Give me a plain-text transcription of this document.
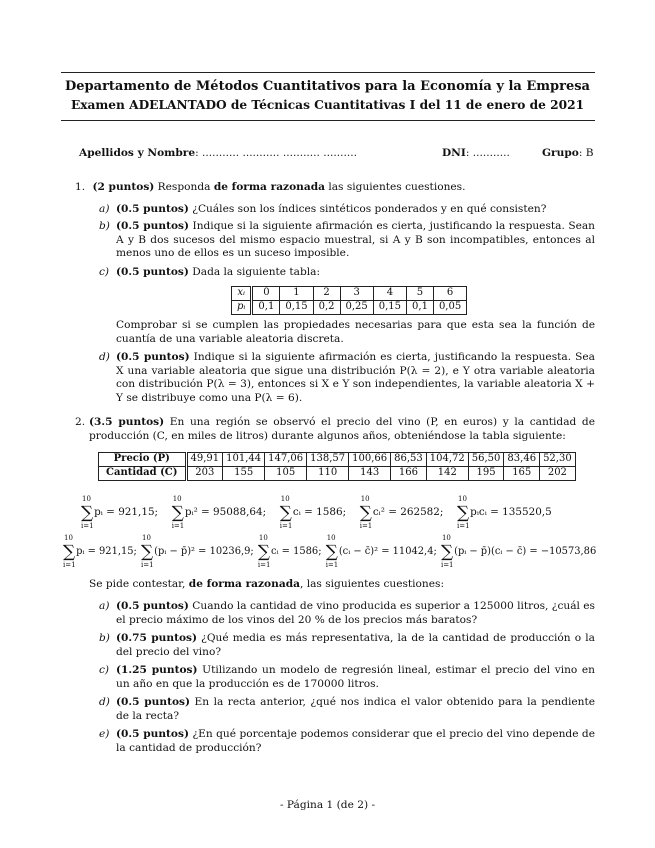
Departamento de Métodos Cuantitativos para la Economía y la Empresa
Examen ADELANTADO de Técnicas Cuantitativas I del 11 de enero de 2021
Apellidos y Nombre: ........... ........... ........... ..........	DNI: ...........	Grupo: B
1. (2 puntos) Responda de forma razonada las siguientes cuestiones.
a) (0.5 puntos) ¿Cuáles son los índices sintéticos ponderados y en qué consisten?
b) (0.5 puntos) Indique si la siguiente afirmación es cierta, justificando la respuesta. Sean A y B dos sucesos del mismo espacio muestral, si A y B son incompatibles, entonces al menos uno de ellos es un suceso imposible.
c) (0.5 puntos) Dada la siguiente tabla:
xᵢ	0	1	2	3	4	5	6
pᵢ	0,1	0,15	0,2	0,25	0,15	0,1	0,05
Comprobar si se cumplen las propiedades necesarias para que esta sea la función de cuantía de una variable aleatoria discreta.
d) (0.5 puntos) Indique si la siguiente afirmación es cierta, justificando la respuesta. Sea X una variable aleatoria que sigue una distribución P(λ = 2), e Y otra variable aleatoria con distribución P(λ = 3), entonces si X e Y son independientes, la variable aleatoria X + Y se distribuye como una P(λ = 6).
2. (3.5 puntos) En una región se observó el precio del vino (P, en euros) y la cantidad de producción (C, en miles de litros) durante algunos años, obteniéndose la tabla siguiente:
Precio (P)	49,91	101,44	147,06	138,57	100,66	86,53	104,72	56,50	83,46	52,30
Cantidad (C)	203	155	105	110	143	166	142	195	165	202
∑
10
i=1
pᵢ = 921,15; ∑
10
i=1
pᵢ² = 95088,64; ∑
10
i=1
cᵢ = 1586; ∑
10
i=1
cᵢ² = 262582; ∑
10
i=1
pᵢcᵢ = 135520,5
∑
10
i=1
pᵢ = 921,15; ∑
10
i=1
(pᵢ − p̄)² = 10236,9; ∑
10
i=1
cᵢ = 1586; ∑
10
i=1
(cᵢ − c̄)² = 11042,4; ∑
10
i=1
(pᵢ − p̄)(cᵢ − c̄) = −10573,86
Se pide contestar, de forma razonada, las siguientes cuestiones:
a) (0.5 puntos) Cuando la cantidad de vino producida es superior a 125000 litros, ¿cuál es el precio máximo de los vinos del 20 % de los precios más baratos?
b) (0.75 puntos) ¿Qué media es más representativa, la de la cantidad de producción o la del precio del vino?
c) (1.25 puntos) Utilizando un modelo de regresión lineal, estimar el precio del vino en un año en que la producción es de 170000 litros.
d) (0.5 puntos) En la recta anterior, ¿qué nos indica el valor obtenido para la pendiente de la recta?
e) (0.5 puntos) ¿En qué porcentaje podemos considerar que el precio del vino depende de la cantidad de producción?
- Página 1 (de 2) -
